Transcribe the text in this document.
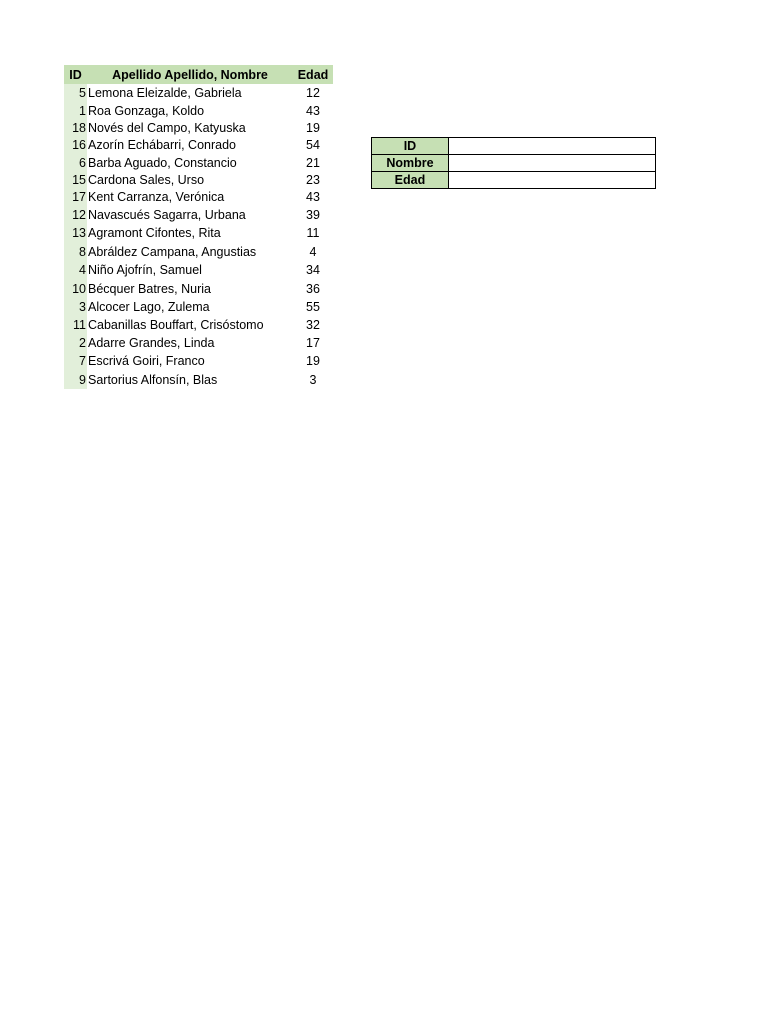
ID	Apellido Apellido, Nombre	Edad
5 Lemona Eleizalde, Gabriela	12
1 Roa Gonzaga, Koldo	43
18 Novés del Campo, Katyuska	19
16 Azorín Echábarri, Conrado	54
6 Barba Aguado, Constancio	21
15 Cardona Sales, Urso	23
17 Kent Carranza, Verónica	43
12 Navascués Sagarra, Urbana	39
13 Agramont Cifontes, Rita	11
8 Abráldez Campana, Angustias	4
4 Niño Ajofrín, Samuel	34
10 Bécquer Batres, Nuria	36
3 Alcocer Lago, Zulema	55
11 Cabanillas Bouffart, Crisóstomo	32
2 Adarre Grandes, Linda	17
7 Escrivá Goiri, Franco	19
9 Sartorius Alfonsín, Blas	3
ID	
Nombre	
Edad	
